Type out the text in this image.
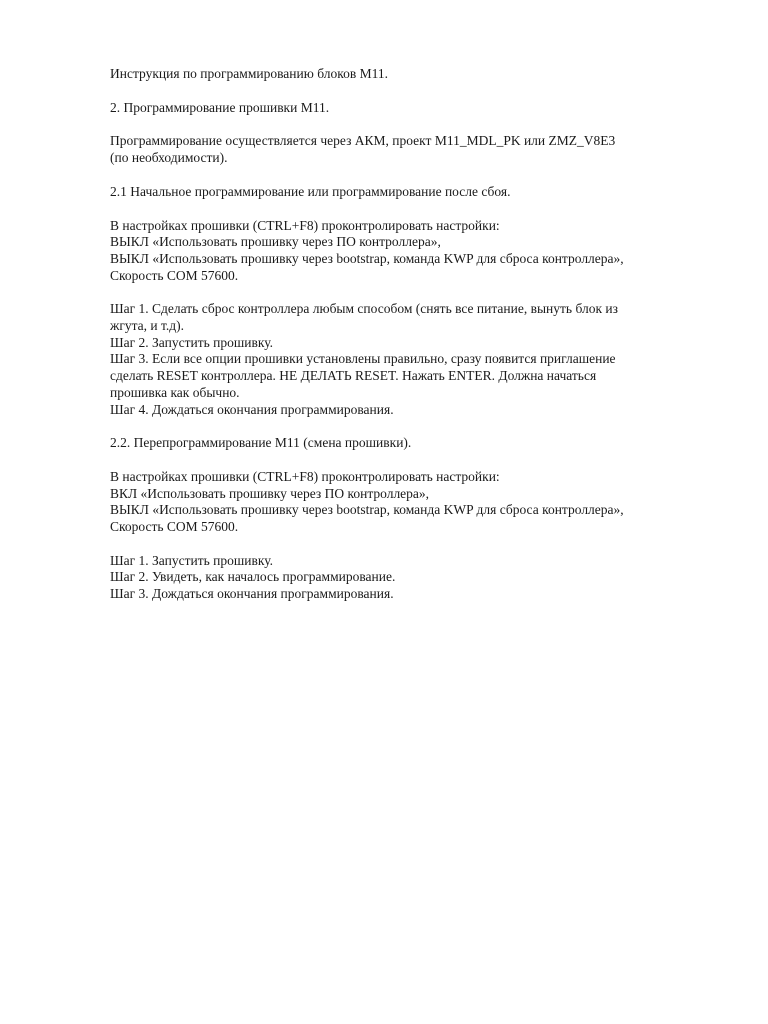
Инструкция по программированию блоков М11.

2. Программирование прошивки М11.

Программирование осуществляется через АКМ, проект M11_MDL_PK или ZMZ_V8E3
(по необходимости).

2.1 Начальное программирование или программирование после сбоя.

В настройках прошивки (CTRL+F8) проконтролировать настройки:
ВЫКЛ «Использовать прошивку через ПО контроллера»,
ВЫКЛ «Использовать прошивку через bootstrap, команда KWP для сброса контроллера»,
Скорость СОМ 57600.

Шаг 1. Сделать сброс контроллера любым способом (снять все питание, вынуть блок из
жгута, и т.д).
Шаг 2. Запустить прошивку.
Шаг 3. Если все опции прошивки установлены правильно, сразу появится приглашение
сделать RESET контроллера. НЕ ДЕЛАТЬ RESET. Нажать ENTER. Должна начаться
прошивка как обычно.
Шаг 4. Дождаться окончания программирования.

2.2. Перепрограммирование М11 (смена прошивки).

В настройках прошивки (CTRL+F8) проконтролировать настройки:
ВКЛ «Использовать прошивку через ПО контроллера»,
ВЫКЛ «Использовать прошивку через bootstrap, команда KWP для сброса контроллера»,
Скорость СОМ 57600.

Шаг 1. Запустить прошивку.
Шаг 2. Увидеть, как началось программирование.
Шаг 3. Дождаться окончания программирования.
